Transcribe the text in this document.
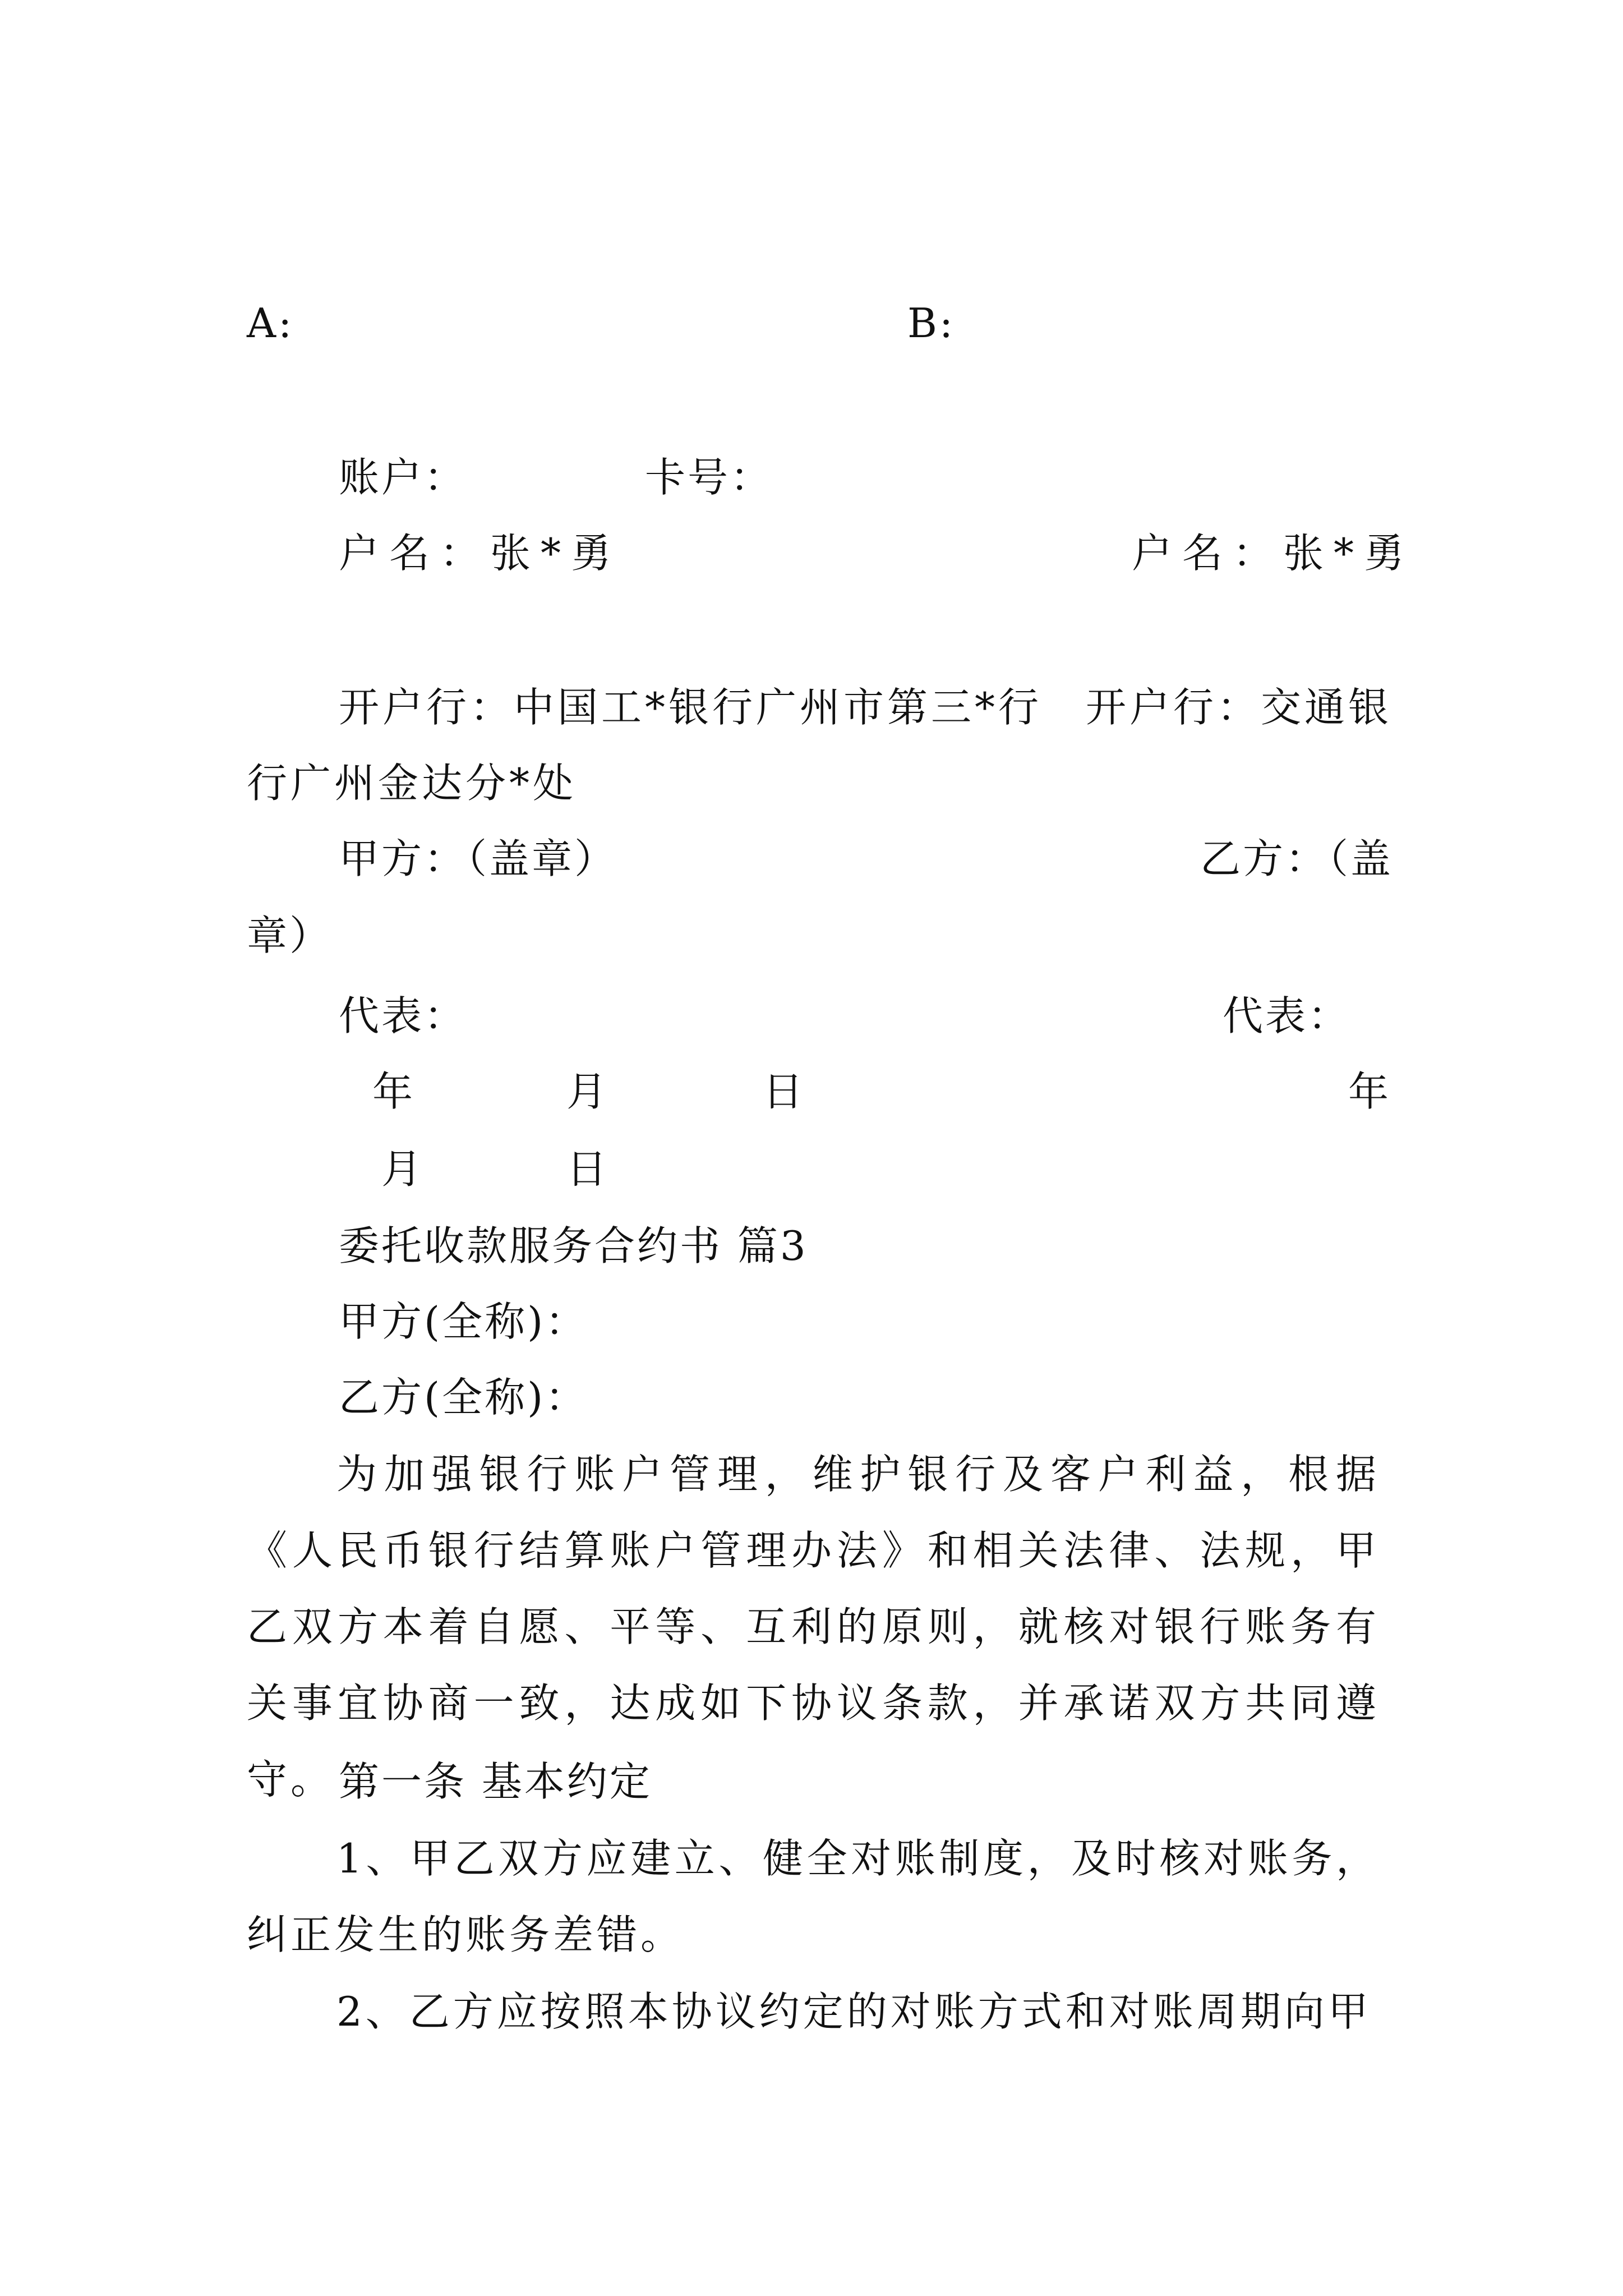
A:	B:
账户：	卡号：
户名：张*勇	户名：张*勇
开户行：中国工*银行广州市第三*行　开户行：交通银
行广州金达分*处
甲方：（盖章）	乙方：（盖
章）
代表：	代表：
年	月	日	年
月	日
委托收款服务合约书 篇3
甲方(全称)：
乙方(全称)：

为加强银行账户管理，维护银行及客户利益，根据《人民币银行结算账户管理办法》和相关法律、法规，甲乙双方本着自愿、平等、互利的原则，就核对银行账务有关事宜协商一致，达成如下协议条款，并承诺双方共同遵守。 第一条 基本约定

1、甲乙双方应建立、健全对账制度，及时核对账务，纠正发生的账务差错。

2、乙方应按照本协议约定的对账方式和对账周期向甲
